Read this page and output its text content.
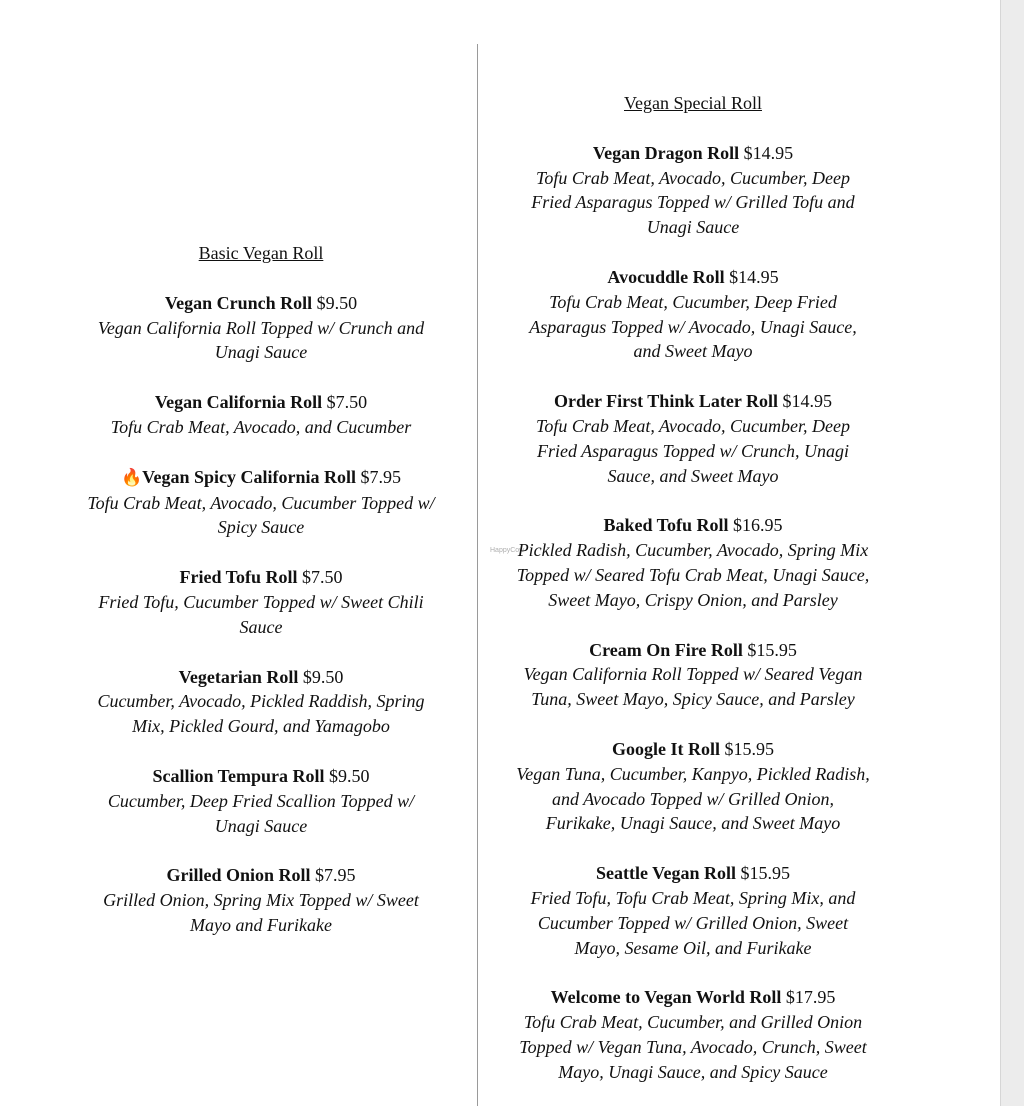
HappyCow
Basic Vegan Roll
Vegan Crunch Roll $9.50
Vegan California Roll Topped w/ Crunch and
Unagi Sauce
Vegan California Roll $7.50
Tofu Crab Meat, Avocado, and Cucumber
🔥Vegan Spicy California Roll $7.95
Tofu Crab Meat, Avocado, Cucumber Topped w/
Spicy Sauce
Fried Tofu Roll $7.50
Fried Tofu, Cucumber Topped w/ Sweet Chili
Sauce
Vegetarian Roll $9.50
Cucumber, Avocado, Pickled Raddish, Spring
Mix, Pickled Gourd, and Yamagobo
Scallion Tempura Roll $9.50
Cucumber, Deep Fried Scallion Topped w/
Unagi Sauce
Grilled Onion Roll $7.95
Grilled Onion, Spring Mix Topped w/ Sweet
Mayo and Furikake
Vegan Special Roll
Vegan Dragon Roll $14.95
Tofu Crab Meat, Avocado, Cucumber, Deep
Fried Asparagus Topped w/ Grilled Tofu and
Unagi Sauce
Avocuddle Roll $14.95
Tofu Crab Meat, Cucumber, Deep Fried
Asparagus Topped w/ Avocado, Unagi Sauce,
and Sweet Mayo
Order First Think Later Roll $14.95
Tofu Crab Meat, Avocado, Cucumber, Deep
Fried Asparagus Topped w/ Crunch, Unagi
Sauce, and Sweet Mayo
Baked Tofu Roll $16.95
Pickled Radish, Cucumber, Avocado, Spring Mix
Topped w/ Seared Tofu Crab Meat, Unagi Sauce,
Sweet Mayo, Crispy Onion, and Parsley
Cream On Fire Roll $15.95
Vegan California Roll Topped w/ Seared Vegan
Tuna, Sweet Mayo, Spicy Sauce, and Parsley
Google It Roll $15.95
Vegan Tuna, Cucumber, Kanpyo, Pickled Radish,
and Avocado Topped w/ Grilled Onion,
Furikake, Unagi Sauce, and Sweet Mayo
Seattle Vegan Roll $15.95
Fried Tofu, Tofu Crab Meat, Spring Mix, and
Cucumber Topped w/ Grilled Onion, Sweet
Mayo, Sesame Oil, and Furikake
Welcome to Vegan World Roll $17.95
Tofu Crab Meat, Cucumber, and Grilled Onion
Topped w/ Vegan Tuna, Avocado, Crunch, Sweet
Mayo, Unagi Sauce, and Spicy Sauce
